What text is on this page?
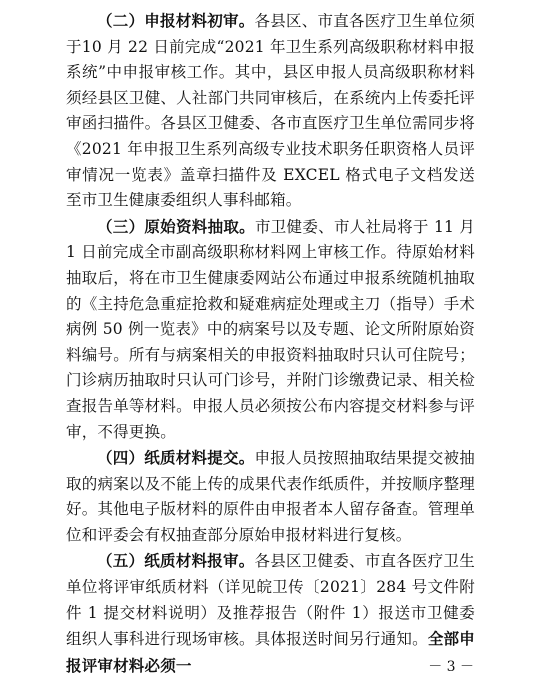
（二）申报材料初审。各县区、市直各医疗卫生单位须于10 月 22 日前完成“2021 年卫生系列高级职称材料申报系统”中申报审核工作。其中，县区申报人员高级职称材料须经县区卫健、人社部门共同审核后，在系统内上传委托评审函扫描件。各县区卫健委、各市直医疗卫生单位需同步将《2021 年申报卫生系列高级专业技术职务任职资格人员评审情况一览表》盖章扫描件及 EXCEL 格式电子文档发送至市卫生健康委组织人事科邮箱。

（三）原始资料抽取。市卫健委、市人社局将于 11 月 1 日前完成全市副高级职称材料网上审核工作。待原始材料抽取后，将在市卫生健康委网站公布通过申报系统随机抽取的《主持危急重症抢救和疑难病症处理或主刀（指导）手术病例 50 例一览表》中的病案号以及专题、论文所附原始资料编号。所有与病案相关的申报资料抽取时只认可住院号；门诊病历抽取时只认可门诊号，并附门诊缴费记录、相关检查报告单等材料。申报人员必须按公布内容提交材料参与评审，不得更换。

（四）纸质材料提交。申报人员按照抽取结果提交被抽取的病案以及不能上传的成果代表作纸质件，并按顺序整理好。其他电子版材料的原件由申报者本人留存备查。管理单位和评委会有权抽查部分原始申报材料进行复核。

（五）纸质材料报审。各县区卫健委、市直各医疗卫生单位将评审纸质材料（详见皖卫传〔2021〕284 号文件附件 1 提交材料说明）及推荐报告（附件 1）报送市卫健委组织人事科进行现场审核。具体报送时间另行通知。全部申报评审材料必须一	－ 3 －
